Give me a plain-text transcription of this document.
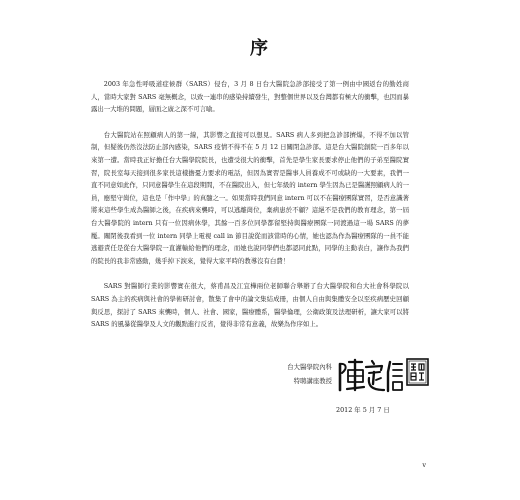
序

2003 年急性呼吸道症候群（SARS）侵台，3 月 8 日台大醫院急診部接受了第一例由中國返台的勤姓商人，當時大家對 SARS 毫無概念，以致一連串的感染持續發生，對整個世界以及台灣都有極大的衝擊，也因而暴露出一大堆的問題，層面之廣之深不可言喻。

台大醫院站在照顧病人的第一線，其影響之直接可以想見。SARS 病人多到把急診部擠爆，不得不加以管制，但疑後仍然沒法防止部內感染，SARS 疫情不得不在 5 月 12 日關閉急診部。這是台大醫院創院一百多年以來第一遭。當時我正好擔任台大醫學院院長，也遭受很大的衝擊，首先是學生家長要求停止他們的子弟至醫院實習，院長室每天接到很多家長這樣擔憂力要求的電話，但因為實習是醫事人員養成不可或缺的一大要素，我們一直不同意如此作，只同意醫學生在這段期間，不在醫院出入，但七年級的 intern 學生因為已是醫護照顧病人的一員，應堅守崗位，這也是「作中學」的真髓之一。如果當時我們同意 intern 可以不在醫療團隊實習，是否意識著將來這些學生成為醫師之後，在疾病來襲時，可以逃離崗位，棄病患於不顧？這絕不是我們的教育理念，第一屆台大醫學院的 intern 只有一位因病休學，其餘一百多位同學都留堅持與醫療團隊一同渡過這一場 SARS 的夢魘。關閉後我看到一位 intern 同學上電視 call in 節目說從而該當時的心情，她也認為作為醫療團隊的一員不能逃避責任是從台大醫學院一直灌輸給他們的理念，而她也說同學們也都認同此點，同學的主動表白，讓作為我們的院長的我非常感動，幾乎掉下淚來，覺得大家平時的教導沒有白費！

SARS 對醫師行業的影響實在很大，蔡甫昌及江宜樺兩位老師聯合舉辦了台大醫學院和台大社會科學院以 SARS 為主的疾病與社會的學術研討會，散集了會中的論文集結成冊，由個人自由與集體安全以至疾病歷史回顧與反思，探討了 SARS 來襲時，個人、社會、國家，醫療體系，醫學倫理，公衛政策及法理研析，讓大家可以將 SARS 的風暴從醫學及人文的觀點進行反省，覺得非常有意義，故樂為作序如上。

台大醫學院內科
特聘講座教授
2012 年 5 月 7 日
v
